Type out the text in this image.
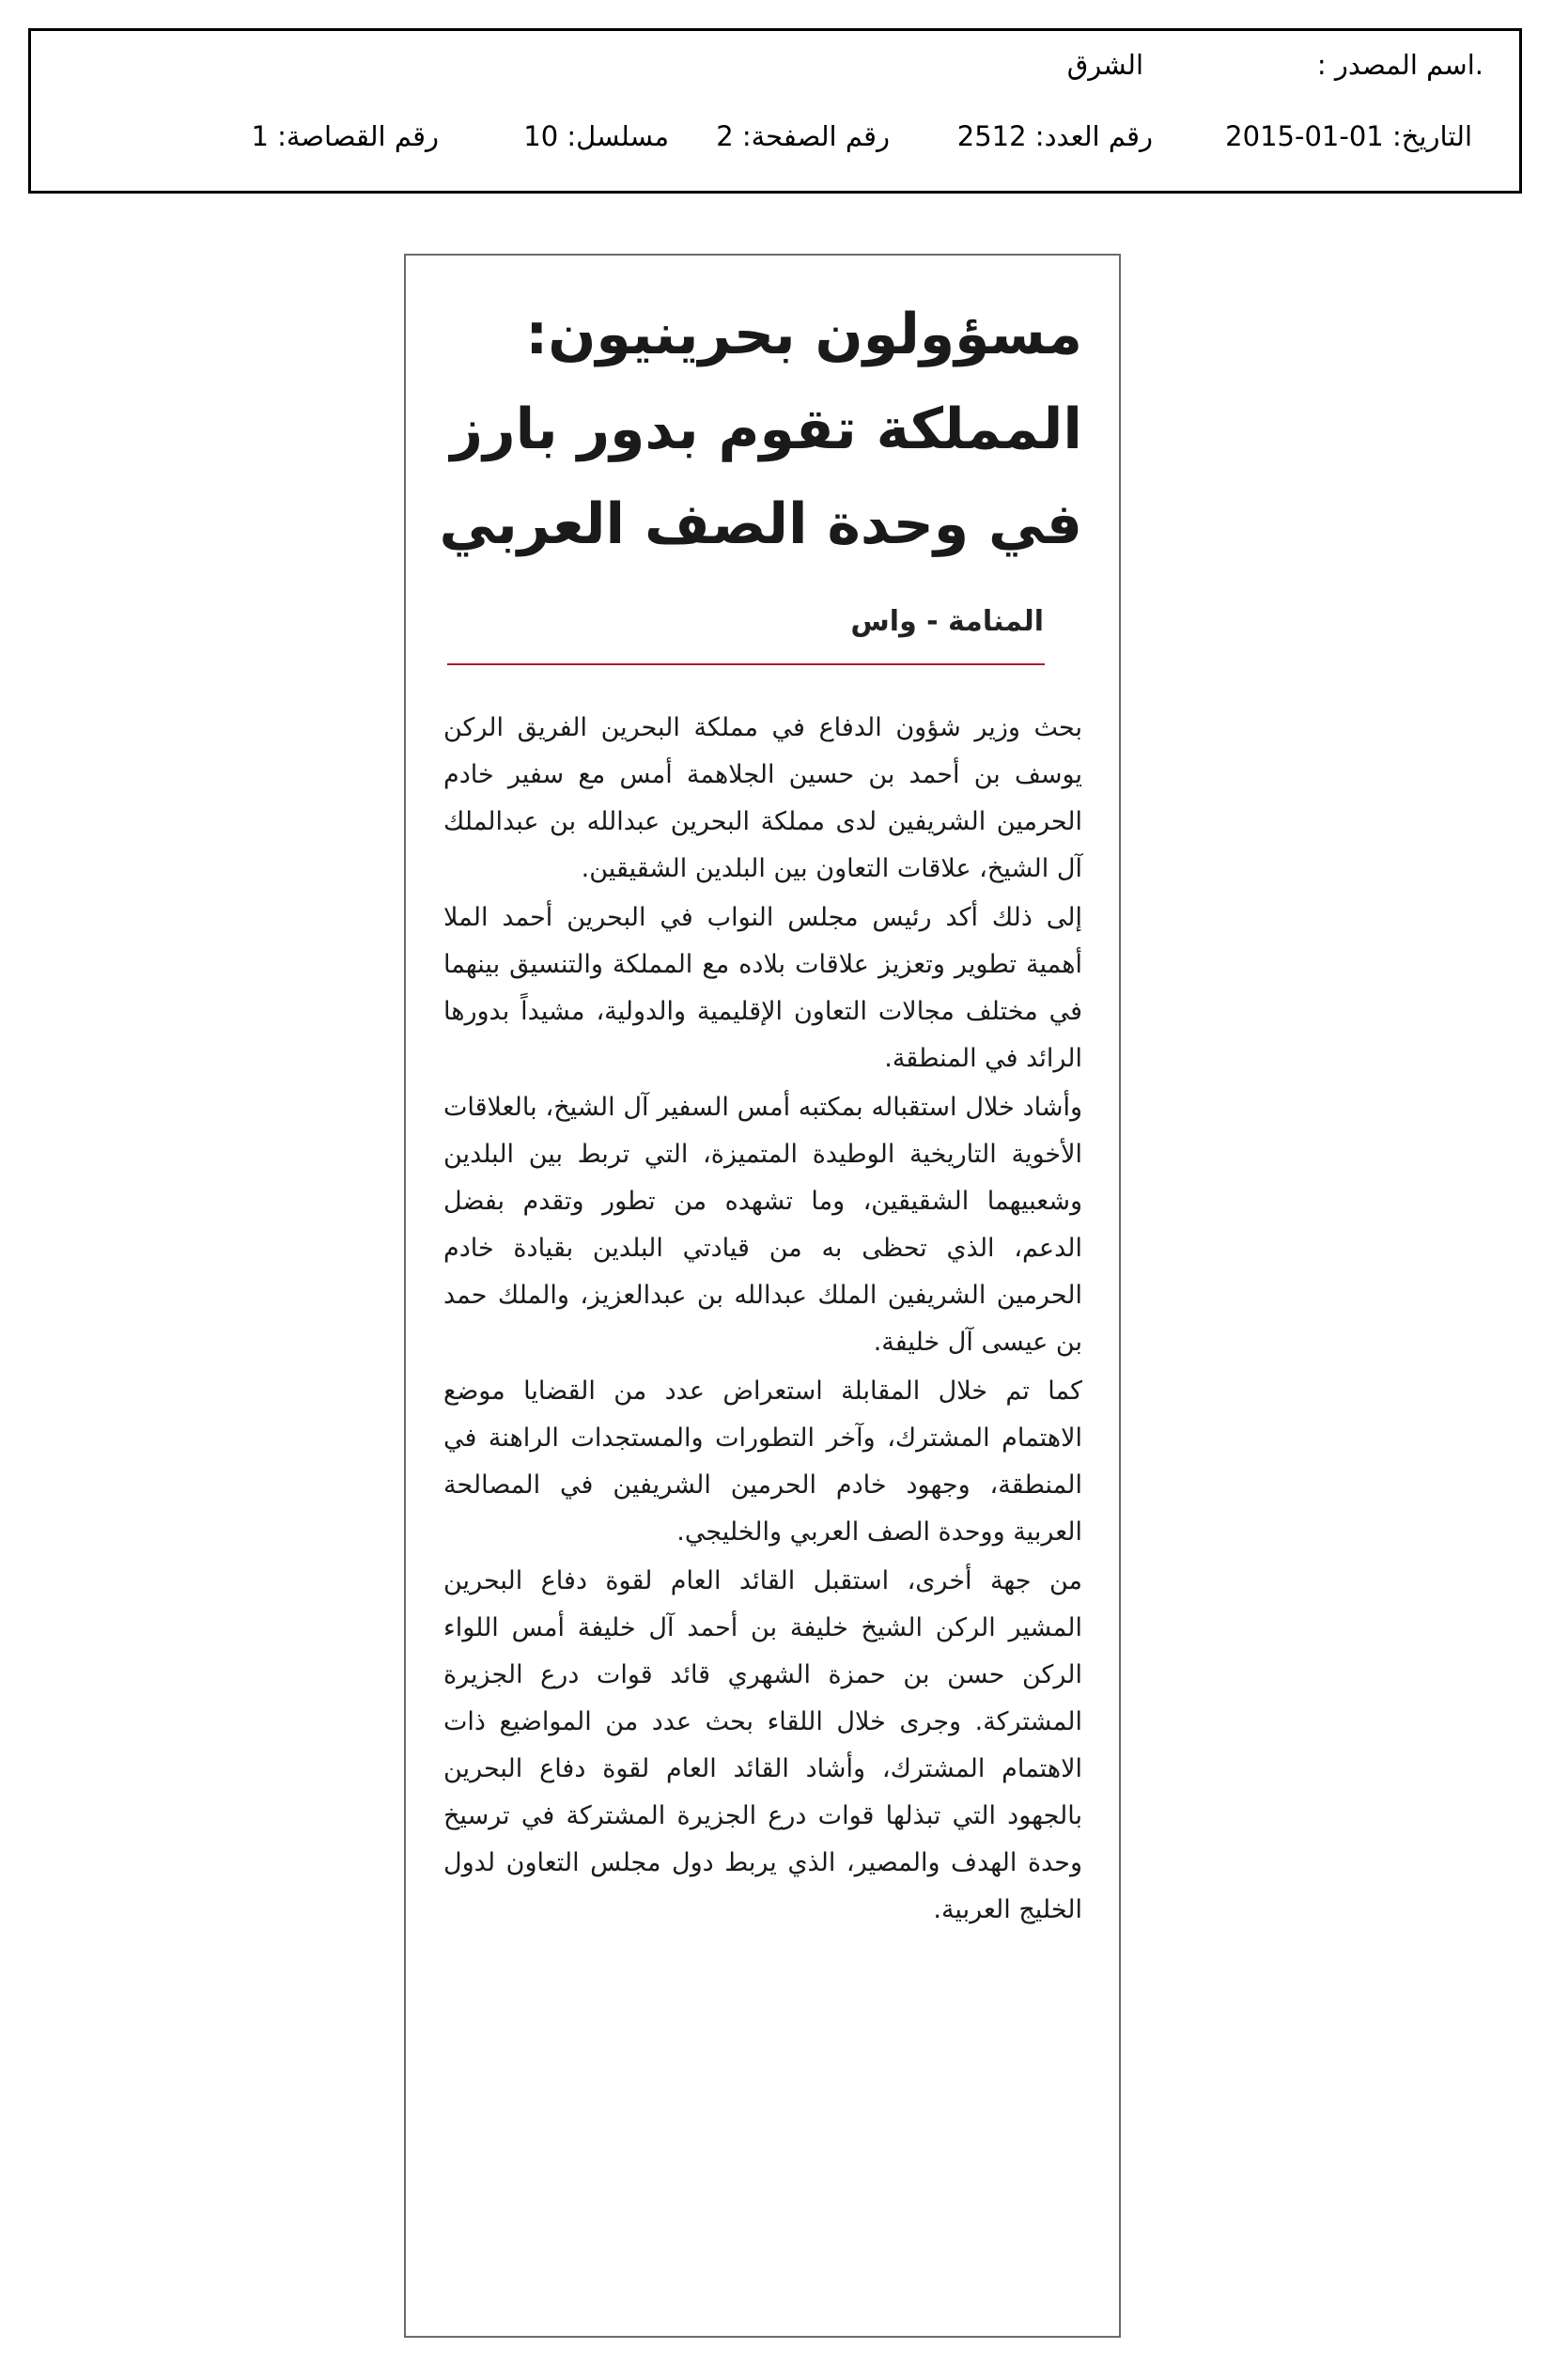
.اسم المصدر :
الشرق
التاريخ: 01-01-2015
رقم العدد: 2512
رقم الصفحة: 2
مسلسل: 10
رقم القصاصة: 1
مسؤولون بحرينيون:
المملكة تقوم بدور بارز
في وحدة الصف العربي
المنامة - واس

بحث وزير شؤون الدفاع في مملكة البحرين الفريق الركن يوسف بن أحمد بن حسين الجلاهمة أمس مع سفير خادم الحرمين الشريفين لدى مملكة البحرين عبدالله بن عبدالملك آل الشيخ، علاقات التعاون بين البلدين الشقيقين.

إلى ذلك أكد رئيس مجلس النواب في البحرين أحمد الملا أهمية تطوير وتعزيز علاقات بلاده مع المملكة والتنسيق بينهما في مختلف مجالات التعاون الإقليمية والدولية، مشيداً بدورها الرائد في المنطقة.

وأشاد خلال استقباله بمكتبه أمس السفير آل الشيخ، بالعلاقات الأخوية التاريخية الوطيدة المتميزة، التي تربط بين البلدين وشعبيهما الشقيقين، وما تشهده من تطور وتقدم بفضل الدعم، الذي تحظى به من قيادتي البلدين بقيادة خادم الحرمين الشريفين الملك عبدالله بن عبدالعزيز، والملك حمد بن عيسى آل خليفة.

كما تم خلال المقابلة استعراض عدد من القضايا موضع الاهتمام المشترك، وآخر التطورات والمستجدات الراهنة في المنطقة، وجهود خادم الحرمين الشريفين في المصالحة العربية ووحدة الصف العربي والخليجي.

من جهة أخرى، استقبل القائد العام لقوة دفاع البحرين المشير الركن الشيخ خليفة بن أحمد آل خليفة أمس اللواء الركن حسن بن حمزة الشهري قائد قوات درع الجزيرة المشتركة. وجرى خلال اللقاء بحث عدد من المواضيع ذات الاهتمام المشترك، وأشاد القائد العام لقوة دفاع البحرين بالجهود التي تبذلها قوات درع الجزيرة المشتركة في ترسيخ وحدة الهدف والمصير، الذي يربط دول مجلس التعاون لدول الخليج العربية.
